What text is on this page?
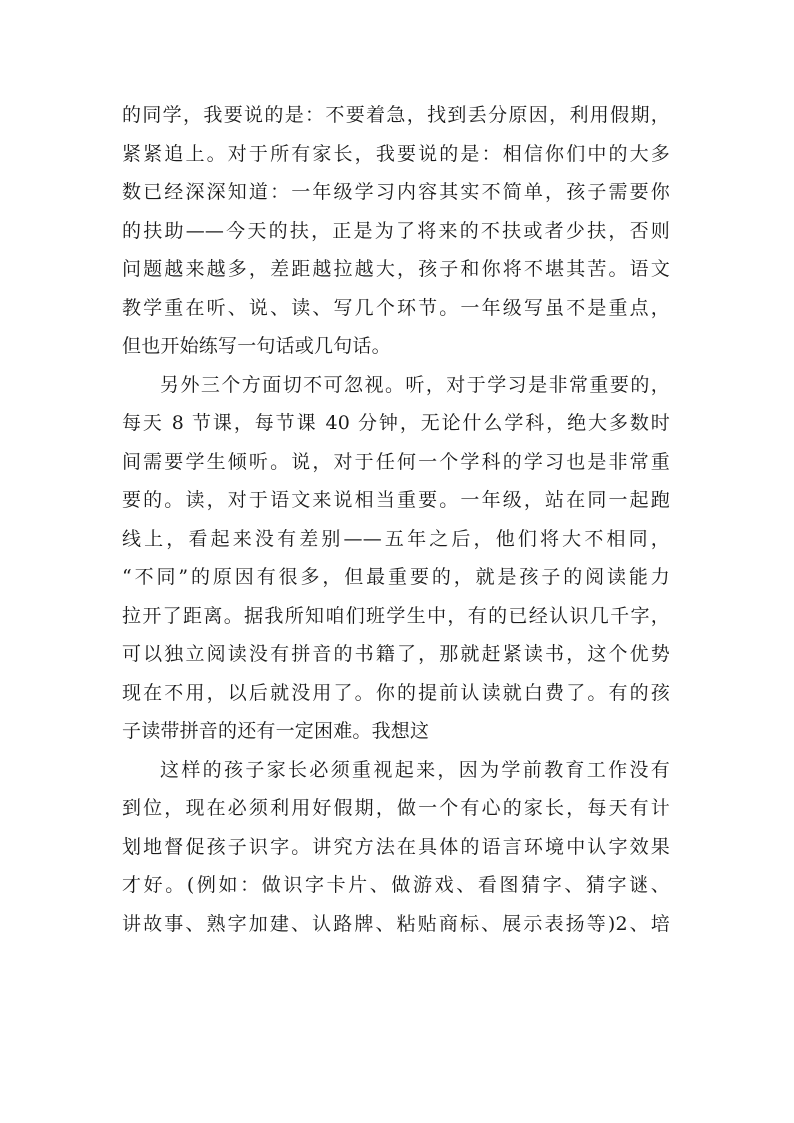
的同学，我要说的是：不要着急，找到丢分原因，利用假期，
紧紧追上。对于所有家长，我要说的是：相信你们中的大多
数已经深深知道：一年级学习内容其实不简单，孩子需要你
的扶助——今天的扶，正是为了将来的不扶或者少扶，否则
问题越来越多，差距越拉越大，孩子和你将不堪其苦。语文
教学重在听、说、读、写几个环节。一年级写虽不是重点，
但也开始练写一句话或几句话。
另外三个方面切不可忽视。听，对于学习是非常重要的，
每天 8 节课，每节课 40 分钟，无论什么学科，绝大多数时
间需要学生倾听。说，对于任何一个学科的学习也是非常重
要的。读，对于语文来说相当重要。一年级，站在同一起跑
线上，看起来没有差别——五年之后，他们将大不相同，
“不同”的原因有很多，但最重要的，就是孩子的阅读能力
拉开了距离。据我所知咱们班学生中，有的已经认识几千字，
可以独立阅读没有拼音的书籍了，那就赶紧读书，这个优势
现在不用，以后就没用了。你的提前认读就白费了。有的孩
子读带拼音的还有一定困难。我想这
这样的孩子家长必须重视起来，因为学前教育工作没有
到位，现在必须利用好假期，做一个有心的家长，每天有计
划地督促孩子识字。讲究方法在具体的语言环境中认字效果
才好。(例如：做识字卡片、做游戏、看图猜字、猜字谜、
讲故事、熟字加建、认路牌、粘贴商标、展示表扬等)2、培
